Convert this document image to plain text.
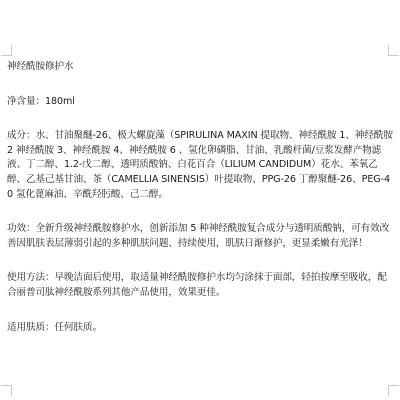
神经酰胺修护水

净含量：180ml

成分：水、甘油聚醚-26、极大螺旋藻（SPIRULINA MAXIN 提取物、神经酰胺 1、神经酰胺 2 神经酰胺 3、神经酰胺 4、神经酰胺 6 、氢化卵磷脂、甘油、乳酸杆菌/豆浆发酵产物滤液、丁二醇、1.2-戊二醇、透明质酸钠、白花百合（LILIUM CANDIDUM）花水、苯氧乙醇、乙基己基甘油、茶（CAMELLIA SINENSIS）叶提取物、PPG-26 丁醇聚醚-26、PEG-40 氢化蓖麻油、辛酰羟肟酸、己二醇。

功效：全新升级神经酰胺修护水，创新添加 5 种神经酰胺复合成分与透明质酸钠，可有效改善因肌肤表层薄弱引起的多种肌肤问题、持续使用，肌肤日渐修护，更显柔嫩有光泽！

使用方法：早晚洁面后使用，取适量神经酰胺修护水均匀涂抹于面部，轻拍按摩至吸收，配合丽普司肽神经酰胺系列其他产品使用，效果更佳。

适用肤质：任何肤质。
